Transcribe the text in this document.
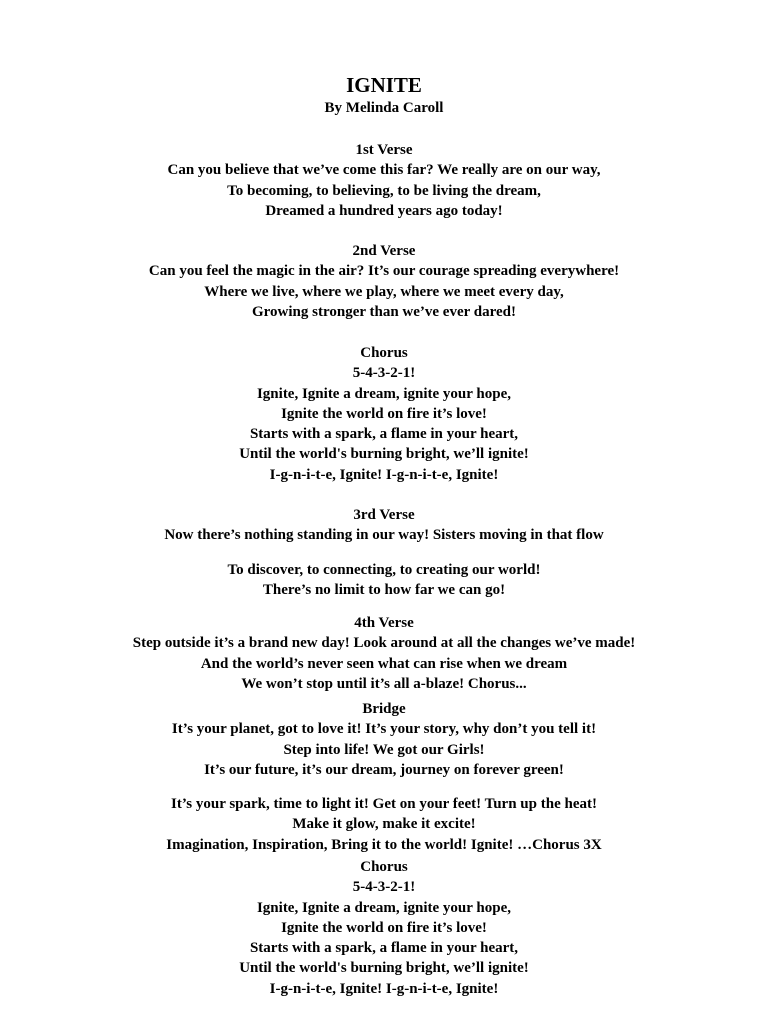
IGNITE
By Melinda Caroll
1st Verse
Can you believe that we’ve come this far? We really are on our way,
To becoming, to believing, to be living the dream,
Dreamed a hundred years ago today!
2nd Verse
Can you feel the magic in the air? It’s our courage spreading everywhere!
Where we live, where we play, where we meet every day,
Growing stronger than we’ve ever dared!
Chorus
5-4-3-2-1!
Ignite, Ignite a dream, ignite your hope,
Ignite the world on fire it’s love!
Starts with a spark, a flame in your heart,
Until the world's burning bright, we’ll ignite!
I-g-n-i-t-e, Ignite! I-g-n-i-t-e, Ignite!
3rd Verse
Now there’s nothing standing in our way! Sisters moving in that flow
To discover, to connecting, to creating our world!
There’s no limit to how far we can go!
4th Verse
Step outside it’s a brand new day! Look around at all the changes we’ve made!
And the world’s never seen what can rise when we dream
We won’t stop until it’s all a-blaze! Chorus...
Bridge
It’s your planet, got to love it! It’s your story, why don’t you tell it!
Step into life! We got our Girls!
It’s our future, it’s our dream, journey on forever green!
It’s your spark, time to light it! Get on your feet! Turn up the heat!
Make it glow, make it excite!
Imagination, Inspiration, Bring it to the world! Ignite! …Chorus 3X
Chorus
5-4-3-2-1!
Ignite, Ignite a dream, ignite your hope,
Ignite the world on fire it’s love!
Starts with a spark, a flame in your heart,
Until the world's burning bright, we’ll ignite!
I-g-n-i-t-e, Ignite! I-g-n-i-t-e, Ignite!
